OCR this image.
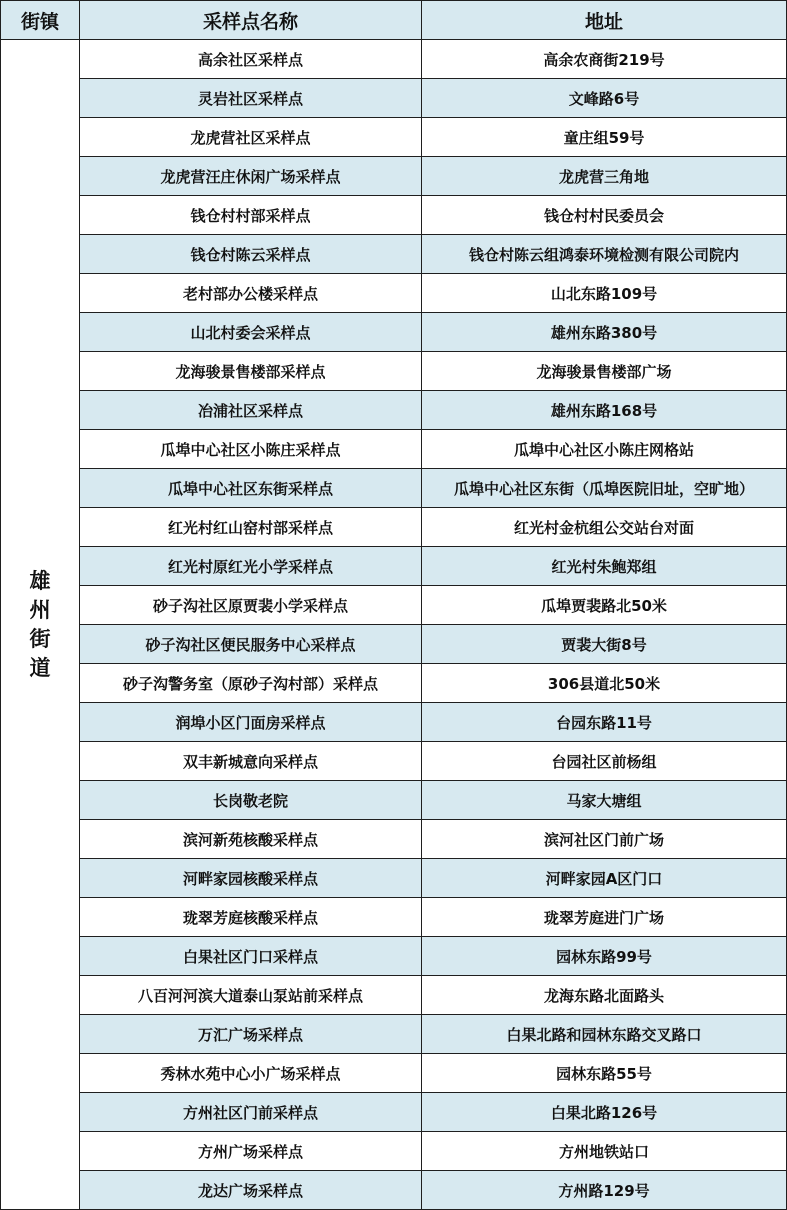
街镇	采样点名称	地址
雄州街道	高余社区采样点	高余农商街219号
	灵岩社区采样点	文峰路6号
	龙虎营社区采样点	童庄组59号
	龙虎营汪庄休闲广场采样点	龙虎营三角地
	钱仓村村部采样点	钱仓村村民委员会
	钱仓村陈云采样点	钱仓村陈云组鸿泰环境检测有限公司院内
	老村部办公楼采样点	山北东路109号
	山北村委会采样点	雄州东路380号
	龙海骏景售楼部采样点	龙海骏景售楼部广场
	冶浦社区采样点	雄州东路168号
	瓜埠中心社区小陈庄采样点	瓜埠中心社区小陈庄网格站
	瓜埠中心社区东街采样点	瓜埠中心社区东街（瓜埠医院旧址，空旷地）
	红光村红山窑村部采样点	红光村金杭组公交站台对面
	红光村原红光小学采样点	红光村朱鲍郑组
	砂子沟社区原贾裴小学采样点	瓜埠贾裴路北50米
	砂子沟社区便民服务中心采样点	贾裴大街8号
	砂子沟警务室（原砂子沟村部）采样点	306县道北50米
	润埠小区门面房采样点	台园东路11号
	双丰新城意向采样点	台园社区前杨组
	长岗敬老院	马家大塘组
	滨河新苑核酸采样点	滨河社区门前广场
	河畔家园核酸采样点	河畔家园A区门口
	珑翠芳庭核酸采样点	珑翠芳庭进门广场
	白果社区门口采样点	园林东路99号
	八百河河滨大道泰山泵站前采样点	龙海东路北面路头
	万汇广场采样点	白果北路和园林东路交叉路口
	秀林水苑中心小广场采样点	园林东路55号
	方州社区门前采样点	白果北路126号
	方州广场采样点	方州地铁站口
	龙达广场采样点	方州路129号
